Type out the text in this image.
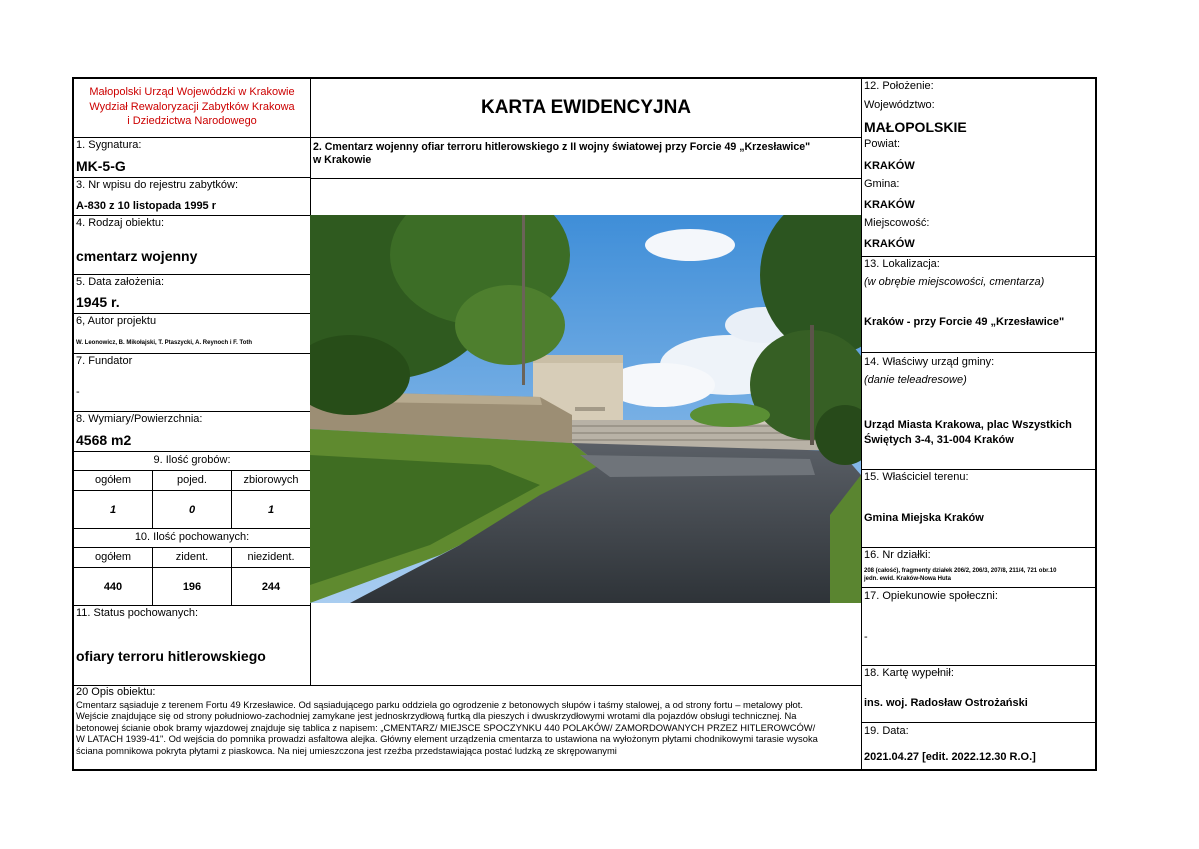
Małopolski Urząd Wojewódzki w Krakowie
Wydział Rewaloryzacji Zabytków Krakowa
i Dziedzictwa Narodowego
1. Sygnatura:
MK-5-G
3. Nr wpisu do rejestru zabytków:
A-830 z 10 listopada 1995 r
4. Rodzaj obiektu:
cmentarz wojenny
5. Data założenia:
1945 r.
6, Autor projektu
W. Leonowicz, B. Mikołajski, T. Ptaszycki, A. Reynoch i F. Toth
7. Fundator
-
8. Wymiary/Powierzchnia:
4568 m2
9. Ilość grobów:
ogółem	pojed.	zbiorowych
1	0	1
10. Ilość pochowanych:
ogółem	zident.	niezident.
440	196	244
11. Status pochowanych:
ofiary terroru hitlerowskiego
KARTA EWIDENCYJNA
2. Cmentarz wojenny ofiar terroru hitlerowskiego z II wojny światowej przy Forcie 49 „Krzesławice"
w Krakowie
12. Położenie:
Województwo:
MAŁOPOLSKIE
Powiat:
KRAKÓW
Gmina:
KRAKÓW
Miejscowość:
KRAKÓW
13. Lokalizacja:
(w obrębie miejscowości, cmentarza)
Kraków - przy Forcie 49 „Krzesławice"
14. Właściwy urząd gminy:
(danie teleadresowe)
Urząd Miasta Krakowa, plac Wszystkich
Świętych 3-4, 31-004 Kraków
15. Właściciel terenu:
Gmina Miejska Kraków
16. Nr działki:
208 (całość), fragmenty działek 206/2, 206/3, 207/8, 211/4, 721 obr.10
jedn. ewid. Kraków-Nowa Huta
17. Opiekunowie społeczni:
-
18. Kartę wypełnił:
ins. woj. Radosław Ostrożański
19. Data:
2021.04.27 [edit. 2022.12.30 R.O.]
20 Opis obiektu:
Cmentarz sąsiaduje z terenem Fortu 49 Krzesławice. Od sąsiadującego parku oddziela go ogrodzenie z betonowych słupów i taśmy stalowej, a od strony fortu – metalowy płot.
Wejście znajdujące się od strony południowo-zachodniej zamykane jest jednoskrzydłową furtką dla pieszych i dwuskrzydłowymi wrotami dla pojazdów obsługi technicznej. Na
betonowej ścianie obok bramy wjazdowej znajduje się tablica z napisem: „CMENTARZ/ MIEJSCE SPOCZYNKU 440 POLAKÓW/ ZAMORDOWANYCH PRZEZ HITLEROWCÓW/
W LATACH 1939-41". Od wejścia do pomnika prowadzi asfaltowa alejka. Główny element urządzenia cmentarza to ustawiona na wyłożonym płytami chodnikowymi tarasie wysoka
ściana pomnikowa pokryta płytami z piaskowca. Na niej umieszczona jest rzeźba przedstawiająca postać ludzką ze skrępowanymi
